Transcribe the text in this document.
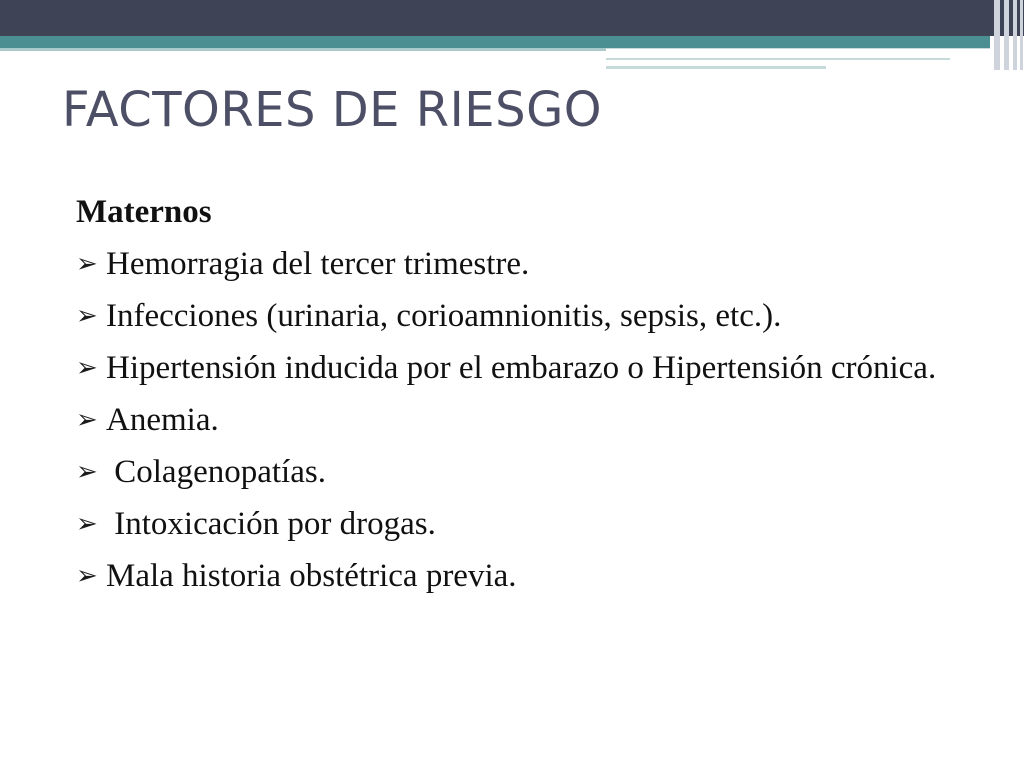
FACTORES DE RIESGO

Maternos

➢ Hemorragia del tercer trimestre.
➢ Infecciones (urinaria, corioamnionitis, sepsis, etc.).
➢ Hipertensión inducida por el embarazo o Hipertensión crónica.
➢ Anemia.
➢ Colagenopatías.
➢ Intoxicación por drogas.
➢ Mala historia obstétrica previa.
